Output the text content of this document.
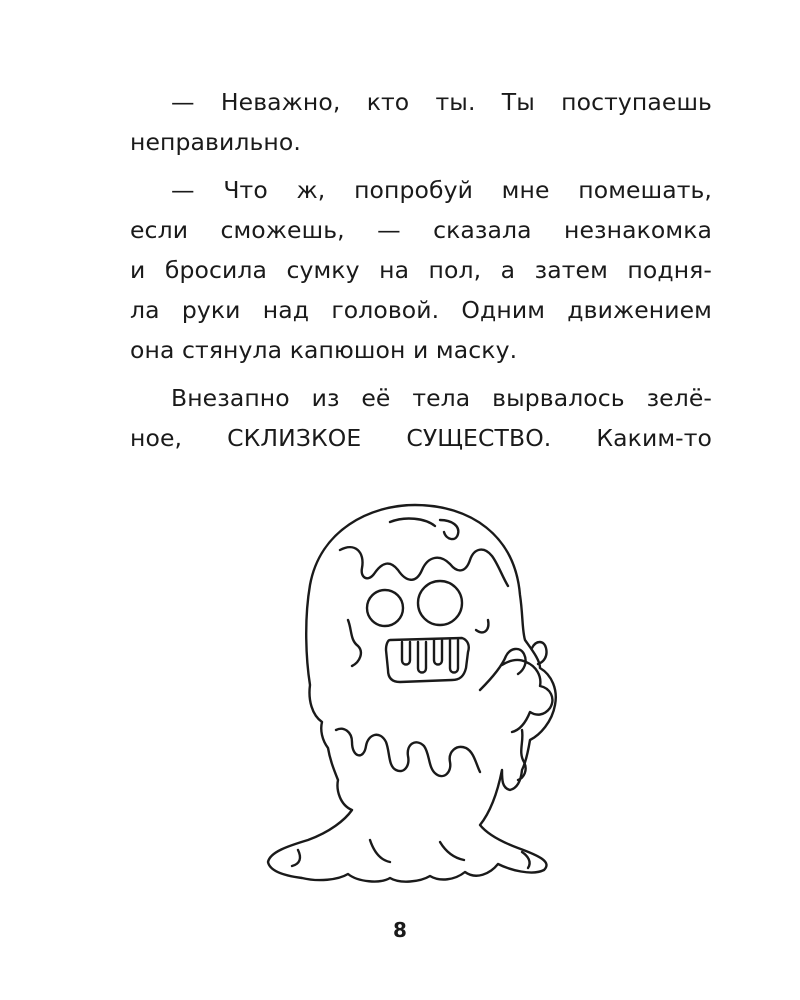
— Неважно, кто ты. Ты поступаешь
неправильно.
— Что ж, попробуй мне помешать,
если сможешь, — сказала незнакомка
и бросила сумку на пол, а затем подня-
ла руки над головой. Одним движением
она стянула капюшон и маску.
Внезапно из её тела вырвалось зелё-
ное, СКЛИЗКОЕ СУЩЕСТВО. Каким-то
8
